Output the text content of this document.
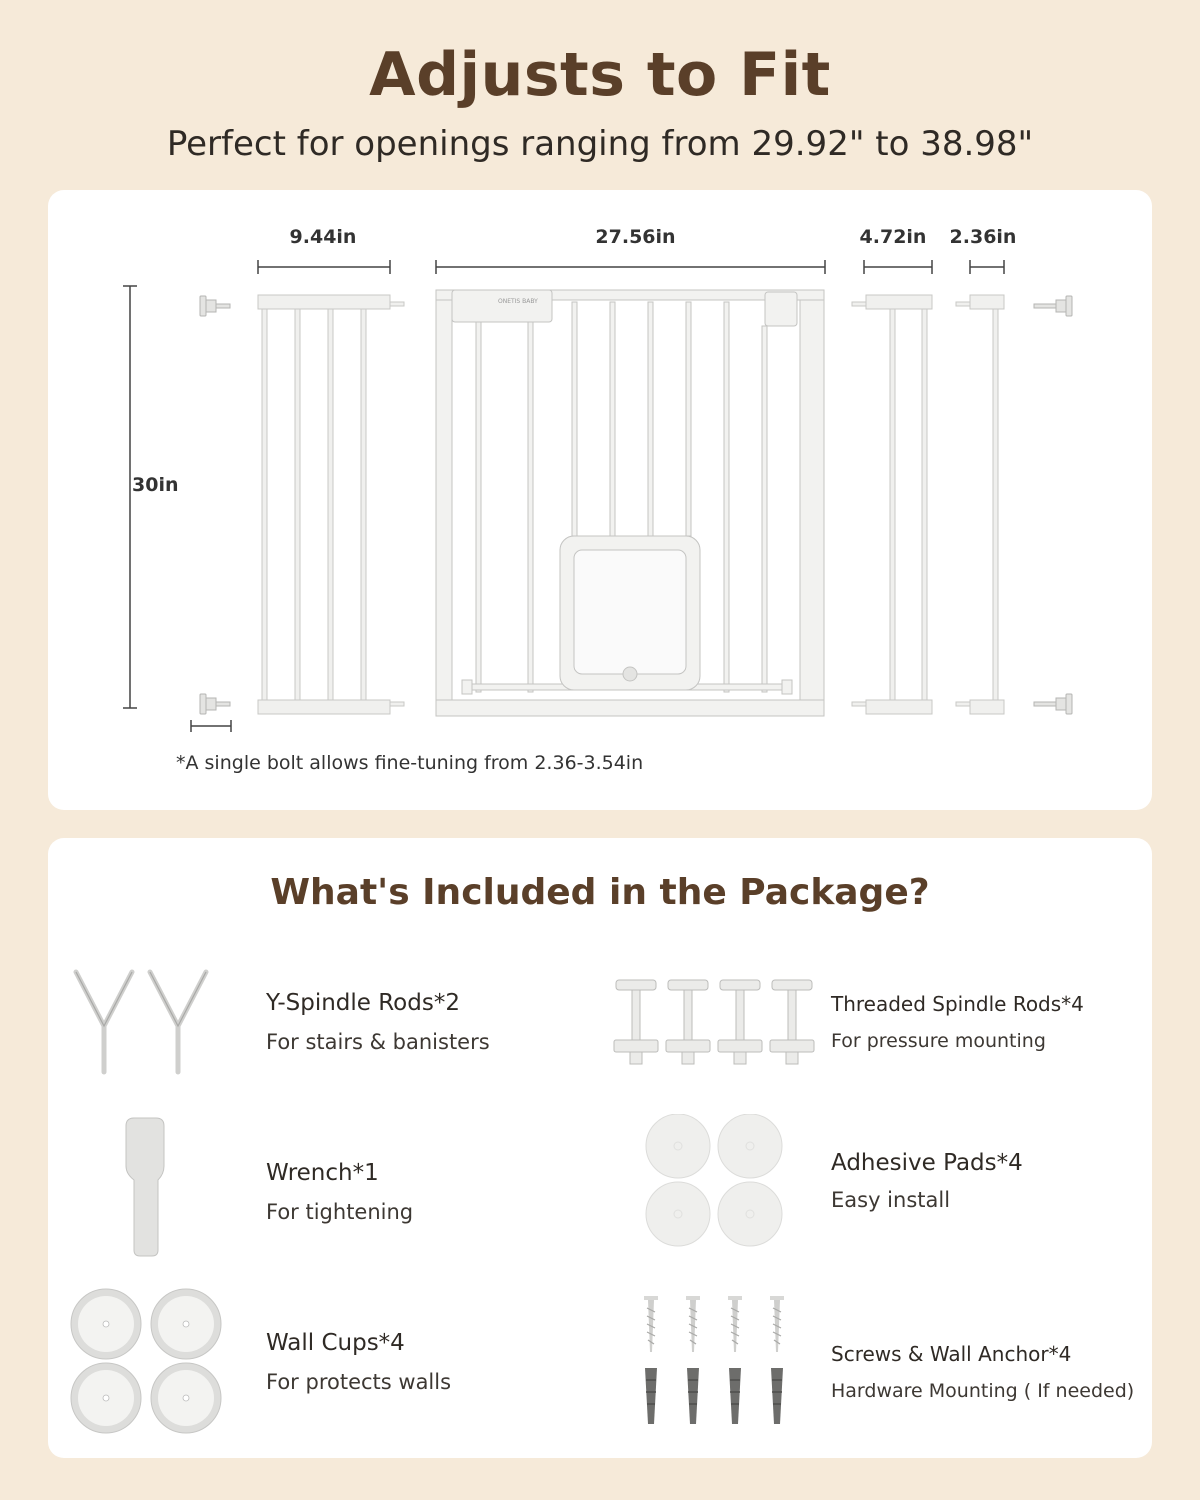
Adjusts to Fit
Perfect for openings ranging from 29.92" to 38.98"
9.44in	27.56in	4.72in	2.36in
30in
ONETIS BABY
*A single bolt allows fine-tuning from 2.36-3.54in
What's Included in the Package?
Y-Spindle Rods*2
For stairs & banisters
Threaded Spindle Rods*4
For pressure mounting
Wrench*1
For tightening
Adhesive Pads*4
Easy install
Wall Cups*4
For protects walls
Screws & Wall Anchor*4
Hardware Mounting ( If needed)
